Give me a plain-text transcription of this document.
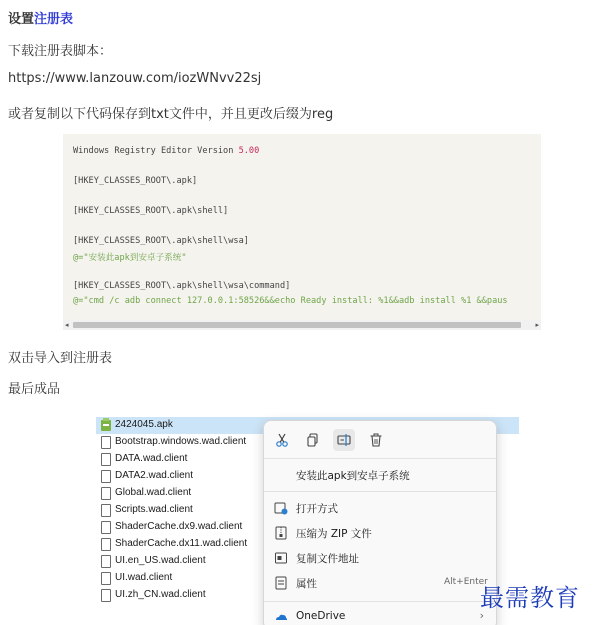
设置注册表
下载注册表脚本：
https://www.lanzouw.com/iozWNvv22sj
或者复制以下代码保存到txt文件中，并且更改后缀为reg
Windows Registry Editor Version 5.00
[HKEY_CLASSES_ROOT\.apk]
[HKEY_CLASSES_ROOT\.apk\shell]
[HKEY_CLASSES_ROOT\.apk\shell\wsa]
@="安装此apk到安卓子系统"
[HKEY_CLASSES_ROOT\.apk\shell\wsa\command]
@="cmd /c adb connect 127.0.0.1:58526&&echo Ready install: %1&&adb install %1 &&paus
◂	▸
双击导入到注册表
最后成品
2424045.apk
Bootstrap.windows.wad.client
DATA.wad.client
DATA2.wad.client
Global.wad.client
Scripts.wad.client
ShaderCache.dx9.wad.client
ShaderCache.dx11.wad.client
UI.en_US.wad.client
UI.wad.client
UI.zh_CN.wad.client
安装此apk到安卓子系统
打开方式
压缩为 ZIP 文件
复制文件地址
属性	Alt+Enter
OneDrive	›
最需教育
